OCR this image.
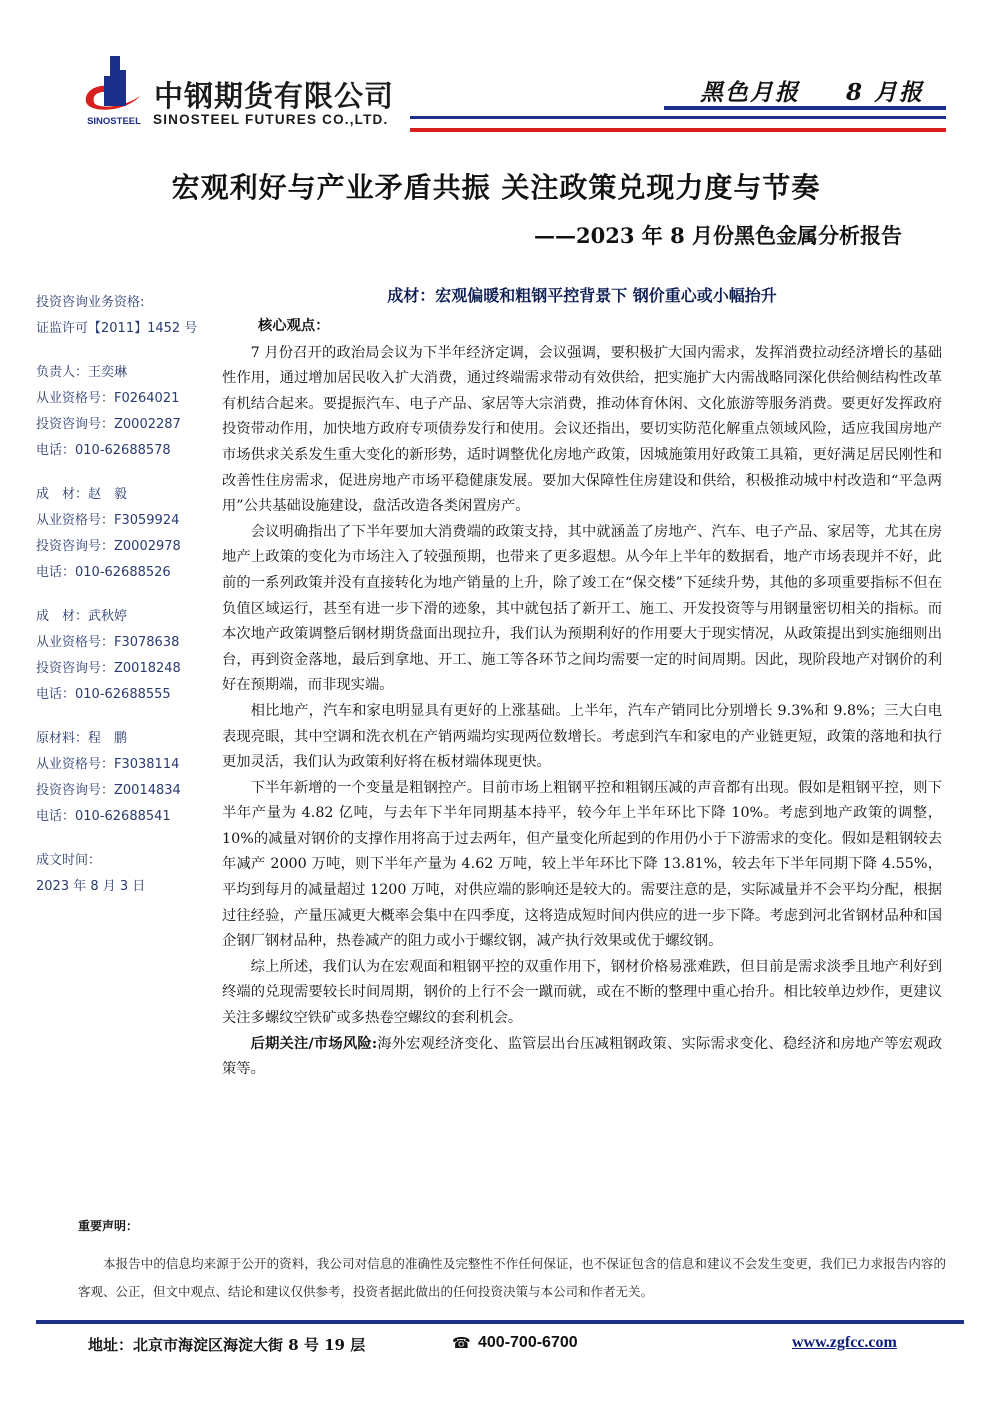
SINOSTEEL
中钢期货有限公司
SINOSTEEL FUTURES CO.,LTD.
黑色月报 8 月报
宏观利好与产业矛盾共振 关注政策兑现力度与节奏
——2023 年 8 月份黑色金属分析报告
投资咨询业务资格:
证监许可【2011】1452 号
负责人：王奕琳
从业资格号：F0264021
投资咨询号：Z0002287
电话：010-62688578
成　材：赵　毅
从业资格号：F3059924
投资咨询号：Z0002978
电话：010-62688526
成　材：武秋婷
从业资格号：F3078638
投资咨询号：Z0018248
电话：010-62688555
原材料：程　鹏
从业资格号：F3038114
投资咨询号：Z0014834
电话：010-62688541
成文时间：
2023 年 8 月 3 日
成材：宏观偏暖和粗钢平控背景下 钢价重心或小幅抬升
核心观点：

7 月份召开的政治局会议为下半年经济定调，会议强调，要积极扩大国内需求，发挥消费拉动经济增长的基础性作用，通过增加居民收入扩大消费，通过终端需求带动有效供给，把实施扩大内需战略同深化供给侧结构性改革有机结合起来。要提振汽车、电子产品、家居等大宗消费，推动体育休闲、文化旅游等服务消费。要更好发挥政府投资带动作用，加快地方政府专项债券发行和使用。会议还指出，要切实防范化解重点领域风险，适应我国房地产市场供求关系发生重大变化的新形势，适时调整优化房地产政策，因城施策用好政策工具箱，更好满足居民刚性和改善性住房需求，促进房地产市场平稳健康发展。要加大保障性住房建设和供给，积极推动城中村改造和“平急两用”公共基础设施建设，盘活改造各类闲置房产。

会议明确指出了下半年要加大消费端的政策支持，其中就涵盖了房地产、汽车、电子产品、家居等，尤其在房地产上政策的变化为市场注入了较强预期，也带来了更多遐想。从今年上半年的数据看，地产市场表现并不好，此前的一系列政策并没有直接转化为地产销量的上升，除了竣工在“保交楼”下延续升势，其他的多项重要指标不但在负值区域运行，甚至有进一步下滑的迹象，其中就包括了新开工、施工、开发投资等与用钢量密切相关的指标。而本次地产政策调整后钢材期货盘面出现拉升，我们认为预期利好的作用要大于现实情况，从政策提出到实施细则出台，再到资金落地，最后到拿地、开工、施工等各环节之间均需要一定的时间周期。因此，现阶段地产对钢价的利好在预期端，而非现实端。

相比地产，汽车和家电明显具有更好的上涨基础。上半年，汽车产销同比分别增长 9.3%和 9.8%；三大白电表现亮眼，其中空调和洗衣机在产销两端均实现两位数增长。考虑到汽车和家电的产业链更短，政策的落地和执行更加灵活，我们认为政策利好将在板材端体现更快。

下半年新增的一个变量是粗钢控产。目前市场上粗钢平控和粗钢压减的声音都有出现。假如是粗钢平控，则下半年产量为 4.82 亿吨，与去年下半年同期基本持平，较今年上半年环比下降 10%。考虑到地产政策的调整，10%的减量对钢价的支撑作用将高于过去两年，但产量变化所起到的作用仍小于下游需求的变化。假如是粗钢较去年减产 2000 万吨，则下半年产量为 4.62 万吨，较上半年环比下降 13.81%，较去年下半年同期下降 4.55%，平均到每月的减量超过 1200 万吨，对供应端的影响还是较大的。需要注意的是，实际减量并不会平均分配，根据过往经验，产量压减更大概率会集中在四季度，这将造成短时间内供应的进一步下降。考虑到河北省钢材品种和国企钢厂钢材品种，热卷减产的阻力或小于螺纹钢，减产执行效果或优于螺纹钢。

综上所述，我们认为在宏观面和粗钢平控的双重作用下，钢材价格易涨难跌，但目前是需求淡季且地产利好到终端的兑现需要较长时间周期，钢价的上行不会一蹴而就，或在不断的整理中重心抬升。相比较单边炒作，更建议关注多螺纹空铁矿或多热卷空螺纹的套利机会。

后期关注/市场风险:海外宏观经济变化、监管层出台压减粗钢政策、实际需求变化、稳经济和房地产等宏观政策等。

重要声明：
本报告中的信息均来源于公开的资料，我公司对信息的准确性及完整性不作任何保证，也不保证包含的信息和建议不会发生变更，我们已力求报告内容的客观、公正，但文中观点、结论和建议仅供参考，投资者据此做出的任何投资决策与本公司和作者无关。
地址：北京市海淀区海淀大街 8 号 19 层	☎ 400-700-6700	www.zgfcc.com
